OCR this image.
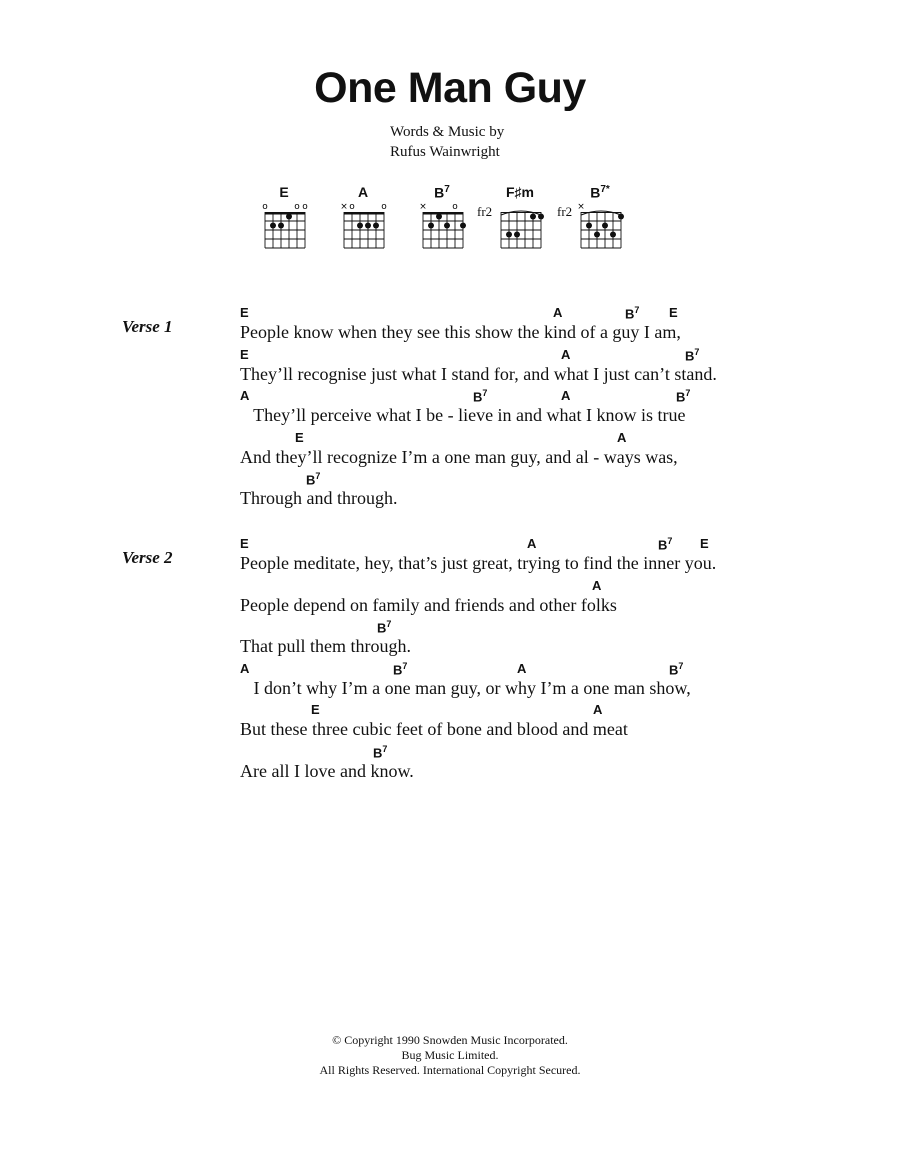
One Man Guy
Words & Music by
Rufus Wainwright
E
o	o o
A
× o	o
$B^7$
×	o
F♯m
fr2
$B^{7*}$
×
fr2
Verse 1
E	A	$B^7$ E
People know when they see this show the kind of a guy I am,
E	A	$B^7$
They’ll recognise just what I stand for, and what I just can’t stand.
A	$B^7$	A	$B^7$
They’ll perceive what I be - lieve in and what I know is true
E	A
And they’ll recognize I’m a one man guy, and al - ways was,
$B^7$
Through and through.
Verse 2
E	A	$B^7$ E
People meditate, hey, that’s just great, trying to find the inner you.
A
People depend on family and friends and other folks
$B^7$
That pull them through.
A	$B^7$	A	$B^7$
I don’t why I’m a one man guy, or why I’m a one man show,
E	A
But these three cubic feet of bone and blood and meat
$B^7$
Are all I love and know.
© Copyright 1990 Snowden Music Incorporated.
Bug Music Limited.
All Rights Reserved. International Copyright Secured.
